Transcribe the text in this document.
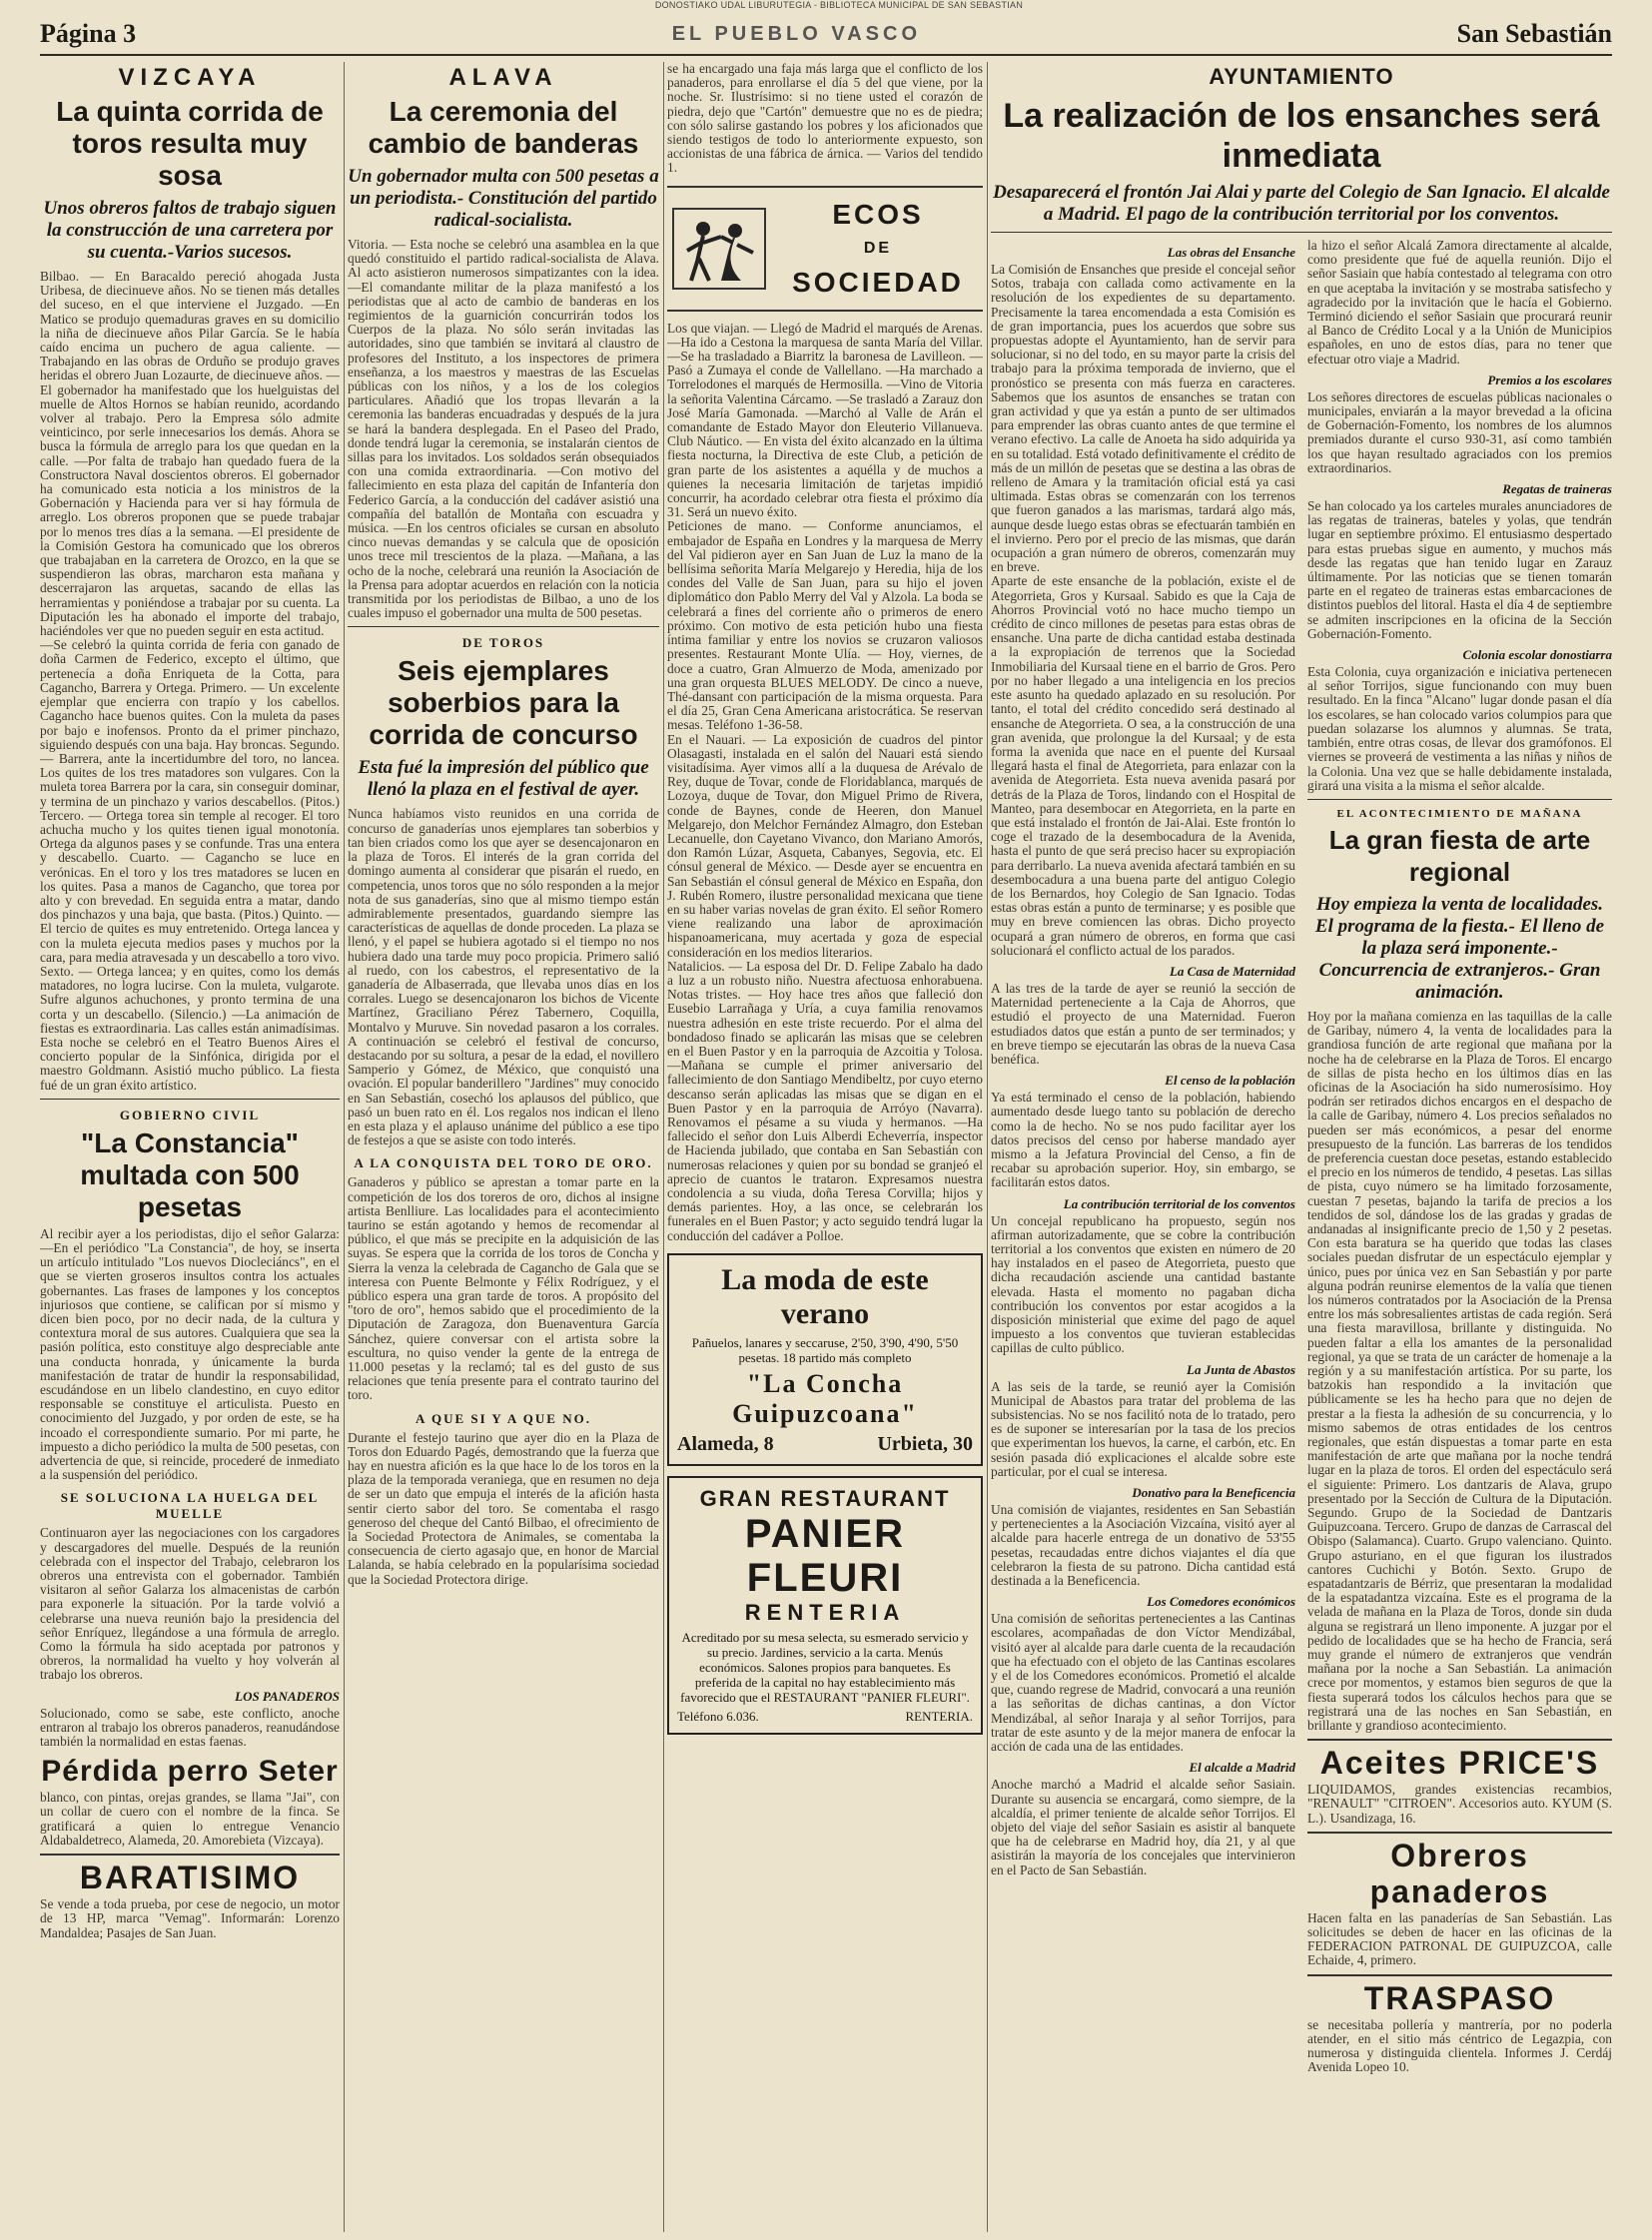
DONOSTIAKO UDAL LIBURUTEGIA - BIBLIOTECA MUNICIPAL DE SAN SEBASTIAN
Página 3	EL PUEBLO VASCO	San Sebastián
VIZCAYA
La quinta corrida de toros resulta muy sosa
Unos obreros faltos de trabajo siguen la construcción de una carretera por su cuenta.-Varios sucesos.

Bilbao. — En Baracaldo pereció ahogada Justa Uribesa, de diecinueve años. No se tienen más detalles del suceso, en el que interviene el Juzgado. —En Matico se produjo quemaduras graves en su domicilio la niña de diecinueve años Pilar García. Se le había caído encima un puchero de agua caliente. —Trabajando en las obras de Orduño se produjo graves heridas el obrero Juan Lozaurte, de diecinueve años. —El gobernador ha manifestado que los huelguistas del muelle de Altos Hornos se habían reunido, acordando volver al trabajo. Pero la Empresa sólo admite veinticinco, por serle innecesarios los demás. Ahora se busca la fórmula de arreglo para los que quedan en la calle. —Por falta de trabajo han quedado fuera de la Constructora Naval doscientos obreros. El gobernador ha comunicado esta noticia a los ministros de la Gobernación y Hacienda para ver si hay fórmula de arreglo. Los obreros proponen que se puede trabajar por lo menos tres días a la semana. —El presidente de la Comisión Gestora ha comunicado que los obreros que trabajaban en la carretera de Orozco, en la que se suspendieron las obras, marcharon esta mañana y descerrajaron las arquetas, sacando de ellas las herramientas y poniéndose a trabajar por su cuenta. La Diputación les ha abonado el importe del trabajo, haciéndoles ver que no pueden seguir en esta actitud.

—Se celebró la quinta corrida de feria con ganado de doña Carmen de Federico, excepto el último, que pertenecía a doña Enriqueta de la Cotta, para Cagancho, Barrera y Ortega. Primero. — Un excelente ejemplar que encierra con trapío y los cabellos. Cagancho hace buenos quites. Con la muleta da pases por bajo e inofensos. Pronto da el primer pinchazo, siguiendo después con una baja. Hay broncas. Segundo. — Barrera, ante la incertidumbre del toro, no lancea. Los quites de los tres matadores son vulgares. Con la muleta torea Barrera por la cara, sin conseguir dominar, y termina de un pinchazo y varios descabellos. (Pitos.) Tercero. — Ortega torea sin temple al recoger. El toro achucha mucho y los quites tienen igual monotonía. Ortega da algunos pases y se confunde. Tras una entera y descabello. Cuarto. — Cagancho se luce en verónicas. En el toro y los tres matadores se lucen en los quites. Pasa a manos de Cagancho, que torea por alto y con brevedad. En seguida entra a matar, dando dos pinchazos y una baja, que basta. (Pitos.) Quinto. — El tercio de quites es muy entretenido. Ortega lancea y con la muleta ejecuta medios pases y muchos por la cara, para media atravesada y un descabello a toro vivo. Sexto. — Ortega lancea; y en quites, como los demás matadores, no logra lucirse. Con la muleta, vulgarote. Sufre algunos achuchones, y pronto termina de una corta y un descabello. (Silencio.) —La animación de fiestas es extraordinaria. Las calles están animadísimas. Esta noche se celebró en el Teatro Buenos Aires el concierto popular de la Sinfónica, dirigida por el maestro Goldmann. Asistió mucho público. La fiesta fué de un gran éxito artístico.

GOBIERNO CIVIL
"La Constancia" multada con 500 pesetas

Al recibir ayer a los periodistas, dijo el señor Galarza: —En el periódico "La Constancia", de hoy, se inserta un artículo intitulado "Los nuevos Diocleciáncs", en el que se vierten groseros insultos contra los actuales gobernantes. Las frases de lampones y los conceptos injuriosos que contiene, se califican por sí mismo y dicen bien poco, por no decir nada, de la cultura y contextura moral de sus autores. Cualquiera que sea la pasión política, esto constituye algo despreciable ante una conducta honrada, y únicamente la burda manifestación de tratar de hundir la responsabilidad, escudándose en un libelo clandestino, en cuyo editor responsable se constituye el articulista. Puesto en conocimiento del Juzgado, y por orden de este, se ha incoado el correspondiente sumario. Por mi parte, he impuesto a dicho periódico la multa de 500 pesetas, con advertencia de que, si reincide, procederé de inmediato a la suspensión del periódico.

SE SOLUCIONA LA HUELGA DEL MUELLE

Continuaron ayer las negociaciones con los cargadores y descargadores del muelle. Después de la reunión celebrada con el inspector del Trabajo, celebraron los obreros una entrevista con el gobernador. También visitaron al señor Galarza los almacenistas de carbón para exponerle la situación. Por la tarde volvió a celebrarse una nueva reunión bajo la presidencia del señor Enríquez, llegándose a una fórmula de arreglo. Como la fórmula ha sido aceptada por patronos y obreros, la normalidad ha vuelto y hoy volverán al trabajo los obreros.

LOS PANADEROS

Solucionado, como se sabe, este conflicto, anoche entraron al trabajo los obreros panaderos, reanudándose también la normalidad en estas faenas.

Pérdida perro Seter

blanco, con pintas, orejas grandes, se llama "Jai", con un collar de cuero con el nombre de la finca. Se gratificará a quien lo entregue Venancio Aldabaldetreco, Alameda, 20. Amorebieta (Vizcaya).

BARATISIMO

Se vende a toda prueba, por cese de negocio, un motor de 13 HP, marca "Vemag". Informarán: Lorenzo Mandaldea; Pasajes de San Juan.

ALAVA
La ceremonia del cambio de banderas
Un gobernador multa con 500 pesetas a un periodista.- Constitución del partido radical-socialista.

Vitoria. — Esta noche se celebró una asamblea en la que quedó constituido el partido radical-socialista de Alava. Al acto asistieron numerosos simpatizantes con la idea. —El comandante militar de la plaza manifestó a los periodistas que al acto de cambio de banderas en los regimientos de la guarnición concurrirán todos los Cuerpos de la plaza. No sólo serán invitadas las autoridades, sino que también se invitará al claustro de profesores del Instituto, a los inspectores de primera enseñanza, a los maestros y maestras de las Escuelas públicas con los niños, y a los de los colegios particulares. Añadió que los tropas llevarán a la ceremonia las banderas encuadradas y después de la jura se hará la bandera desplegada. En el Paseo del Prado, donde tendrá lugar la ceremonia, se instalarán cientos de sillas para los invitados. Los soldados serán obsequiados con una comida extraordinaria. —Con motivo del fallecimiento en esta plaza del capitán de Infantería don Federico García, a la conducción del cadáver asistió una compañía del batallón de Montaña con escuadra y música. —En los centros oficiales se cursan en absoluto cinco nuevas demandas y se calcula que de oposición unos trece mil trescientos de la plaza. —Mañana, a las ocho de la noche, celebrará una reunión la Asociación de la Prensa para adoptar acuerdos en relación con la noticia transmitida por los periodistas de Bilbao, a uno de los cuales impuso el gobernador una multa de 500 pesetas.

DE TOROS
Seis ejemplares soberbios para la corrida de concurso
Esta fué la impresión del público que llenó la plaza en el festival de ayer.

Nunca habíamos visto reunidos en una corrida de concurso de ganaderías unos ejemplares tan soberbios y tan bien criados como los que ayer se desencajonaron en la plaza de Toros. El interés de la gran corrida del domingo aumenta al considerar que pisarán el ruedo, en competencia, unos toros que no sólo responden a la mejor nota de sus ganaderías, sino que al mismo tiempo están admirablemente presentados, guardando siempre las características de aquellas de donde proceden. La plaza se llenó, y el papel se hubiera agotado si el tiempo no nos hubiera dado una tarde muy poco propicia. Primero salió al ruedo, con los cabestros, el representativo de la ganadería de Albaserrada, que llevaba unos días en los corrales. Luego se desencajonaron los bichos de Vicente Martínez, Graciliano Pérez Tabernero, Coquilla, Montalvo y Muruve. Sin novedad pasaron a los corrales. A continuación se celebró el festival de concurso, destacando por su soltura, a pesar de la edad, el novillero Samperio y Gómez, de México, que conquistó una ovación. El popular banderillero "Jardines" muy conocido en San Sebastián, cosechó los aplausos del público, que pasó un buen rato en él. Los regalos nos indican el lleno en esta plaza y el aplauso unánime del público a ese tipo de festejos a que se asiste con todo interés.

A LA CONQUISTA DEL TORO DE ORO.

Ganaderos y público se aprestan a tomar parte en la competición de los dos toreros de oro, dichos al insigne artista Benlliure. Las localidades para el acontecimiento taurino se están agotando y hemos de recomendar al público, el que más se precipite en la adquisición de las suyas. Se espera que la corrida de los toros de Concha y Sierra la venza la celebrada de Cagancho de Gala que se interesa con Puente Belmonte y Félix Rodríguez, y el público espera una gran tarde de toros. A propósito del "toro de oro", hemos sabido que el procedimiento de la Diputación de Zaragoza, don Buenaventura García Sánchez, quiere conversar con el artista sobre la escultura, no quiso vender la gente de la entrega de 11.000 pesetas y la reclamó; tal es del gusto de sus relaciones que tenía presente para el contrato taurino del toro.

A QUE SI Y A QUE NO.

Durante el festejo taurino que ayer dio en la Plaza de Toros don Eduardo Pagés, demostrando que la fuerza que hay en nuestra afición es la que hace lo de los toros en la plaza de la temporada veraniega, que en resumen no deja de ser un dato que empuja el interés de la afición hasta sentir cierto sabor del toro. Se comentaba el rasgo generoso del cheque del Cantó Bilbao, el ofrecimiento de la Sociedad Protectora de Animales, se comentaba la consecuencia de cierto agasajo que, en honor de Marcial Lalanda, se había celebrado en la popularísima sociedad que la Sociedad Protectora dirige.

se ha encargado una faja más larga que el conflicto de los panaderos, para enrollarse el día 5 del que viene, por la noche. Sr. Ilustrísimo: si no tiene usted el corazón de piedra, dejo que "Cartón" demuestre que no es de piedra; con sólo salirse gastando los pobres y los aficionados que siendo testigos de todo lo anteriormente expuesto, son accionistas de una fábrica de árnica. — Varios del tendido 1.

ECOS
DE
SOCIEDAD

Los que viajan. — Llegó de Madrid el marqués de Arenas. —Ha ido a Cestona la marquesa de santa María del Villar. —Se ha trasladado a Biarritz la baronesa de Lavilleon. —Pasó a Zumaya el conde de Vallellano. —Ha marchado a Torrelodones el marqués de Hermosilla. —Vino de Vitoria la señorita Valentina Cárcamo. —Se trasladó a Zarauz don José María Gamonada. —Marchó al Valle de Arán el comandante de Estado Mayor don Eleuterio Villanueva. Club Náutico. — En vista del éxito alcanzado en la última fiesta nocturna, la Directiva de este Club, a petición de gran parte de los asistentes a aquélla y de muchos a quienes la necesaria limitación de tarjetas impidió concurrir, ha acordado celebrar otra fiesta el próximo día 31. Será un nuevo éxito.

Peticiones de mano. — Conforme anunciamos, el embajador de España en Londres y la marquesa de Merry del Val pidieron ayer en San Juan de Luz la mano de la bellísima señorita María Melgarejo y Heredia, hija de los condes del Valle de San Juan, para su hijo el joven diplomático don Pablo Merry del Val y Alzola. La boda se celebrará a fines del corriente año o primeros de enero próximo. Con motivo de esta petición hubo una fiesta íntima familiar y entre los novios se cruzaron valiosos presentes. Restaurant Monte Ulía. — Hoy, viernes, de doce a cuatro, Gran Almuerzo de Moda, amenizado por una gran orquesta BLUES MELODY. De cinco a nueve, Thé-dansant con participación de la misma orquesta. Para el día 25, Gran Cena Americana aristocrática. Se reservan mesas. Teléfono 1-36-58.

En el Nauari. — La exposición de cuadros del pintor Olasagasti, instalada en el salón del Nauari está siendo visitadísima. Ayer vimos allí a la duquesa de Arévalo de Rey, duque de Tovar, conde de Floridablanca, marqués de Lozoya, duque de Tovar, don Miguel Primo de Rivera, conde de Baynes, conde de Heeren, don Manuel Melgarejo, don Melchor Fernández Almagro, don Esteban Lecanuelle, don Cayetano Vivanco, don Mariano Amorós, don Ramón Lúzar, Asqueta, Cabanyes, Segovia, etc. El cónsul general de México. — Desde ayer se encuentra en San Sebastián el cónsul general de México en España, don J. Rubén Romero, ilustre personalidad mexicana que tiene en su haber varias novelas de gran éxito. El señor Romero viene realizando una labor de aproximación hispanoamericana, muy acertada y goza de especial consideración en los medios literarios.

Natalicios. — La esposa del Dr. D. Felipe Zabalo ha dado a luz a un robusto niño. Nuestra afectuosa enhorabuena. Notas tristes. — Hoy hace tres años que falleció don Eusebio Larrañaga y Uría, a cuya familia renovamos nuestra adhesión en este triste recuerdo. Por el alma del bondadoso finado se aplicarán las misas que se celebren en el Buen Pastor y en la parroquia de Azcoitia y Tolosa. —Mañana se cumple el primer aniversario del fallecimiento de don Santiago Mendibeltz, por cuyo eterno descanso serán aplicadas las misas que se digan en el Buen Pastor y en la parroquia de Arróyo (Navarra). Renovamos el pésame a su viuda y hermanos. —Ha fallecido el señor don Luis Alberdi Echeverría, inspector de Hacienda jubilado, que contaba en San Sebastián con numerosas relaciones y quien por su bondad se granjeó el aprecio de cuantos le trataron. Expresamos nuestra condolencia a su viuda, doña Teresa Corvilla; hijos y demás parientes. Hoy, a las once, se celebrarán los funerales en el Buen Pastor; y acto seguido tendrá lugar la conducción del cadáver a Polloe.

La moda de este verano
Pañuelos, lanares y seccaruse, 2'50, 3'90, 4'90, 5'50 pesetas. 18 partido más completo
"La Concha Guipuzcoana"
Alameda, 8	Urbieta, 30
GRAN RESTAURANT
PANIER FLEURI
RENTERIA
Acreditado por su mesa selecta, su esmerado servicio y su precio. Jardines, servicio a la carta. Menús económicos. Salones propios para banquetes. Es preferida de la capital no hay establecimiento más favorecido que el RESTAURANT "PANIER FLEURI".
Teléfono 6.036.	RENTERIA.
AYUNTAMIENTO
La realización de los ensanches será inmediata
Desaparecerá el frontón Jai Alai y parte del Colegio de San Ignacio. El alcalde a Madrid. El pago de la contribución territorial por los conventos.
Las obras del Ensanche

La Comisión de Ensanches que preside el concejal señor Sotos, trabaja con callada como activamente en la resolución de los expedientes de su departamento. Precisamente la tarea encomendada a esta Comisión es de gran importancia, pues los acuerdos que sobre sus propuestas adopte el Ayuntamiento, han de servir para solucionar, si no del todo, en su mayor parte la crisis del trabajo para la próxima temporada de invierno, que el pronóstico se presenta con más fuerza en caracteres. Sabemos que los asuntos de ensanches se tratan con gran actividad y que ya están a punto de ser ultimados para emprender las obras cuanto antes de que termine el verano efectivo. La calle de Anoeta ha sido adquirida ya en su totalidad. Está votado definitivamente el crédito de más de un millón de pesetas que se destina a las obras de relleno de Amara y la tramitación oficial está ya casi ultimada. Estas obras se comenzarán con los terrenos que fueron ganados a las marismas, tardará algo más, aunque desde luego estas obras se efectuarán también en el invierno. Pero por el precio de las mismas, que darán ocupación a gran número de obreros, comenzarán muy en breve.

Aparte de este ensanche de la población, existe el de Ategorrieta, Gros y Kursaal. Sabido es que la Caja de Ahorros Provincial votó no hace mucho tiempo un crédito de cinco millones de pesetas para estas obras de ensanche. Una parte de dicha cantidad estaba destinada a la expropiación de terrenos que la Sociedad Inmobiliaria del Kursaal tiene en el barrio de Gros. Pero por no haber llegado a una inteligencia en los precios este asunto ha quedado aplazado en su resolución. Por tanto, el total del crédito concedido será destinado al ensanche de Ategorrieta. O sea, a la construcción de una gran avenida, que prolongue la del Kursaal; y de esta forma la avenida que nace en el puente del Kursaal llegará hasta el final de Ategorrieta, para enlazar con la avenida de Ategorrieta. Esta nueva avenida pasará por detrás de la Plaza de Toros, lindando con el Hospital de Manteo, para desembocar en Ategorrieta, en la parte en que está instalado el frontón de Jai-Alai. Este frontón lo coge el trazado de la desembocadura de la Avenida, hasta el punto de que será preciso hacer su expropiación para derribarlo. La nueva avenida afectará también en su desembocadura a una buena parte del antiguo Colegio de los Bernardos, hoy Colegio de San Ignacio. Todas estas obras están a punto de terminarse; y es posible que muy en breve comiencen las obras. Dicho proyecto ocupará a gran número de obreros, en forma que casi solucionará el conflicto actual de los parados.

La Casa de Maternidad

A las tres de la tarde de ayer se reunió la sección de Maternidad perteneciente a la Caja de Ahorros, que estudió el proyecto de una Maternidad. Fueron estudiados datos que están a punto de ser terminados; y en breve tiempo se ejecutarán las obras de la nueva Casa benéfica.

El censo de la población

Ya está terminado el censo de la población, habiendo aumentado desde luego tanto su población de derecho como la de hecho. No se nos pudo facilitar ayer los datos precisos del censo por haberse mandado ayer mismo a la Jefatura Provincial del Censo, a fin de recabar su aprobación superior. Hoy, sin embargo, se facilitarán estos datos.

La contribución territorial de los conventos

Un concejal republicano ha propuesto, según nos afirman autorizadamente, que se cobre la contribución territorial a los conventos que existen en número de 20 hay instalados en el paseo de Ategorrieta, puesto que dicha recaudación asciende una cantidad bastante elevada. Hasta el momento no pagaban dicha contribución los conventos por estar acogidos a la disposición ministerial que exime del pago de aquel impuesto a los conventos que tuvieran establecidas capillas de culto público.

La Junta de Abastos

A las seis de la tarde, se reunió ayer la Comisión Municipal de Abastos para tratar del problema de las subsistencias. No se nos facilitó nota de lo tratado, pero es de suponer se interesarían por la tasa de los precios que experimentan los huevos, la carne, el carbón, etc. En sesión pasada dió explicaciones el alcalde sobre este particular, por el cual se interesa.

Donativo para la Beneficencia

Una comisión de viajantes, residentes en San Sebastián y pertenecientes a la Asociación Vizcaína, visitó ayer al alcalde para hacerle entrega de un donativo de 53'55 pesetas, recaudadas entre dichos viajantes el día que celebraron la fiesta de su patrono. Dicha cantidad está destinada a la Beneficencia.

Los Comedores económicos

Una comisión de señoritas pertenecientes a las Cantinas escolares, acompañadas de don Víctor Mendizábal, visitó ayer al alcalde para darle cuenta de la recaudación que ha efectuado con el objeto de las Cantinas escolares y el de los Comedores económicos. Prometió el alcalde que, cuando regrese de Madrid, convocará a una reunión a las señoritas de dichas cantinas, a don Víctor Mendizábal, al señor Inaraja y al señor Torrijos, para tratar de este asunto y de la mejor manera de enfocar la acción de cada una de las entidades.

El alcalde a Madrid

Anoche marchó a Madrid el alcalde señor Sasiain. Durante su ausencia se encargará, como siempre, de la alcaldía, el primer teniente de alcalde señor Torrijos. El objeto del viaje del señor Sasiain es asistir al banquete que ha de celebrarse en Madrid hoy, día 21, y al que asistirán la mayoría de los concejales que intervinieron en el Pacto de San Sebastián.

la hizo el señor Alcalá Zamora directamente al alcalde, como presidente que fué de aquella reunión. Dijo el señor Sasiain que había contestado al telegrama con otro en que aceptaba la invitación y se mostraba satisfecho y agradecido por la invitación que le hacía el Gobierno. Terminó diciendo el señor Sasiain que procurará reunir al Banco de Crédito Local y a la Unión de Municipios españoles, en uno de estos días, para no tener que efectuar otro viaje a Madrid.

Premios a los escolares

Los señores directores de escuelas públicas nacionales o municipales, enviarán a la mayor brevedad a la oficina de Gobernación-Fomento, los nombres de los alumnos premiados durante el curso 930-31, así como también los que hayan resultado agraciados con los premios extraordinarios.

Regatas de traineras

Se han colocado ya los carteles murales anunciadores de las regatas de traineras, bateles y yolas, que tendrán lugar en septiembre próximo. El entusiasmo despertado para estas pruebas sigue en aumento, y muchos más desde las regatas que han tenido lugar en Zarauz últimamente. Por las noticias que se tienen tomarán parte en el regateo de traineras estas embarcaciones de distintos pueblos del litoral. Hasta el día 4 de septiembre se admiten inscripciones en la oficina de la Sección Gobernación-Fomento.

Colonia escolar donostiarra

Esta Colonia, cuya organización e iniciativa pertenecen al señor Torrijos, sigue funcionando con muy buen resultado. En la finca "Alcano" lugar donde pasan el día los escolares, se han colocado varios columpios para que puedan solazarse los alumnos y alumnas. Se trata, también, entre otras cosas, de llevar dos gramófonos. El viernes se proveerá de vestimenta a las niñas y niños de la Colonia. Una vez que se halle debidamente instalada, girará una visita a la misma el señor alcalde.

EL ACONTECIMIENTO DE MAÑANA
La gran fiesta de arte regional
Hoy empieza la venta de localidades. El programa de la fiesta.- El lleno de la plaza será imponente.- Concurrencia de extranjeros.- Gran animación.

Hoy por la mañana comienza en las taquillas de la calle de Garibay, número 4, la venta de localidades para la grandiosa función de arte regional que mañana por la noche ha de celebrarse en la Plaza de Toros. El encargo de sillas de pista hecho en los últimos días en las oficinas de la Asociación ha sido numerosísimo. Hoy podrán ser retirados dichos encargos en el despacho de la calle de Garibay, número 4. Los precios señalados no pueden ser más económicos, a pesar del enorme presupuesto de la función. Las barreras de los tendidos de preferencia cuestan doce pesetas, estando establecido el precio en los números de tendido, 4 pesetas. Las sillas de pista, cuyo número se ha limitado forzosamente, cuestan 7 pesetas, bajando la tarifa de precios a los tendidos de sol, dándose los de las gradas y gradas de andanadas al insignificante precio de 1,50 y 2 pesetas. Con esta baratura se ha querido que todas las clases sociales puedan disfrutar de un espectáculo ejemplar y único, pues por única vez en San Sebastián y por parte alguna podrán reunirse elementos de la valía que tienen los números contratados por la Asociación de la Prensa entre los más sobresalientes artistas de cada región. Será una fiesta maravillosa, brillante y distinguida. No pueden faltar a ella los amantes de la personalidad regional, ya que se trata de un carácter de homenaje a la región y a su manifestación artística. Por su parte, los batzokis han respondido a la invitación que públicamente se les ha hecho para que no dejen de prestar a la fiesta la adhesión de su concurrencia, y lo mismo sabemos de otras entidades de los centros regionales, que están dispuestas a tomar parte en esta manifestación de arte que mañana por la noche tendrá lugar en la plaza de toros. El orden del espectáculo será el siguiente: Primero. Los dantzaris de Alava, grupo presentado por la Sección de Cultura de la Diputación. Segundo. Grupo de la Sociedad de Dantzaris Guipuzcoana. Tercero. Grupo de danzas de Carrascal del Obispo (Salamanca). Cuarto. Grupo valenciano. Quinto. Grupo asturiano, en el que figuran los ilustrados cantores Cuchichi y Botón. Sexto. Grupo de espatadantzaris de Bérriz, que presentaran la modalidad de la espatadantza vizcaína. Este es el programa de la velada de mañana en la Plaza de Toros, donde sin duda alguna se registrará un lleno imponente. A juzgar por el pedido de localidades que se ha hecho de Francia, será muy grande el número de extranjeros que vendrán mañana por la noche a San Sebastián. La animación crece por momentos, y estamos bien seguros de que la fiesta superará todos los cálculos hechos para que se registrará una de las noches en San Sebastián, en brillante y grandioso acontecimiento.

Aceites PRICE'S

LIQUIDAMOS, grandes existencias recambios, "RENAULT" "CITROEN". Accesorios auto. KYUM (S. L.). Usandizaga, 16.

Obreros panaderos

Hacen falta en las panaderías de San Sebastián. Las solicitudes se deben de hacer en las oficinas de la FEDERACION PATRONAL DE GUIPUZCOA, calle Echaide, 4, primero.

TRASPASO

se necesitaba pollería y mantrería, por no poderla atender, en el sitio más céntrico de Legazpia, con numerosa y distinguida clientela. Informes J. Cerdáj Avenida Lopeo 10.
